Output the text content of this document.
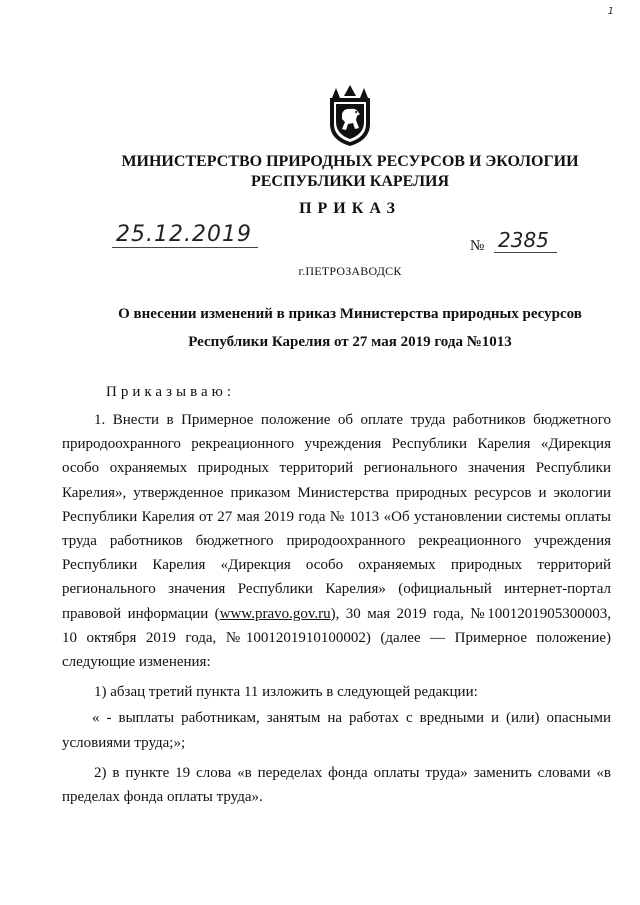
1
МИНИСТЕРСТВО ПРИРОДНЫХ РЕСУРСОВ И ЭКОЛОГИИ
РЕСПУБЛИКИ КАРЕЛИЯ
ПРИКАЗ
25.12.2019	№ 2385
г.ПЕТРОЗАВОДСК
О внесении изменений в приказ Министерства природных ресурсов
Республики Карелия от 27 мая 2019 года №1013
Приказываю:
1. Внести в Примерное положение об оплате труда работников бюджетного
природоохранного рекреационного учреждения Республики Карелия «Дирекция
особо охраняемых природных территорий регионального значения Республики
Карелия», утвержденное приказом Министерства природных ресурсов и экологии
Республики Карелия от 27 мая 2019 года № 1013 «Об установлении системы оплаты
труда работников бюджетного природоохранного рекреационного учреждения
Республики Карелия «Дирекция особо охраняемых природных территорий
регионального значения Республики Карелия» (официальный интернет-портал
правовой информации (www.pravo.gov.ru), 30 мая 2019 года, №1001201905300003,
10 октября 2019 года, №1001201910100002) (далее — Примерное положение)
следующие изменения:
1) абзац третий пункта 11 изложить в следующей редакции:
« - выплаты работникам, занятым на работах с вредными и (или) опасными
условиями труда;»;
2) в пункте 19 слова «в переделах фонда оплаты труда» заменить словами «в
пределах фонда оплаты труда».
